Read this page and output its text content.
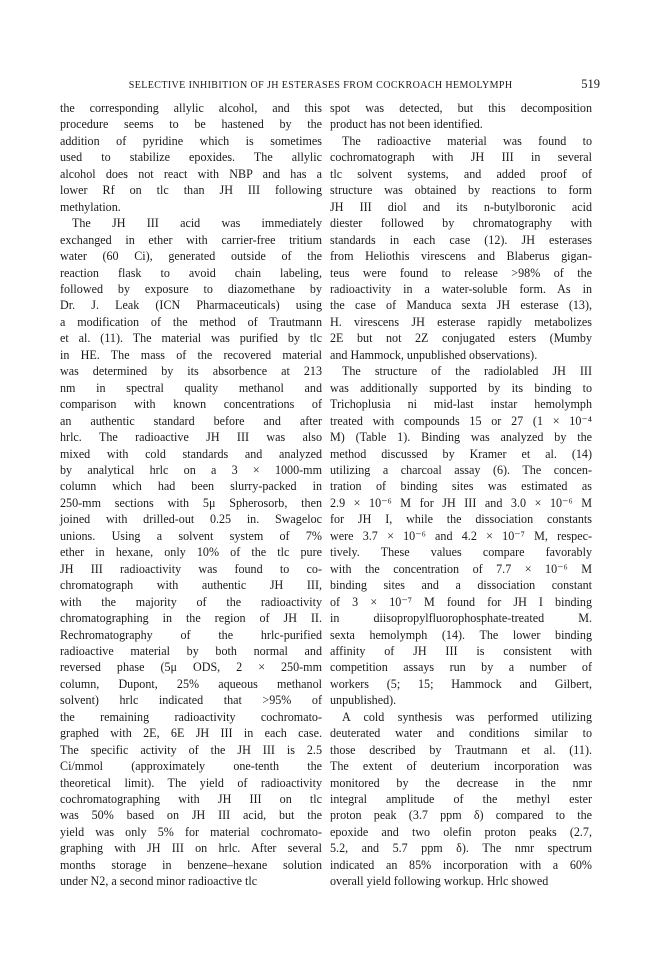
SELECTIVE INHIBITION OF JH ESTERASES FROM COCKROACH HEMOLYMPH	519

the corresponding allylic alcohol, and this

procedure seems to be hastened by the

addition of pyridine which is sometimes

used to stabilize epoxides. The allylic

alcohol does not react with NBP and has a

lower Rf on tlc than JH III following

methylation.

The JH III acid was immediately

exchanged in ether with carrier-free tritium

water (60 Ci), generated outside of the

reaction flask to avoid chain labeling,

followed by exposure to diazomethane by

Dr. J. Leak (ICN Pharmaceuticals) using

a modification of the method of Trautmann

et al. (11). The material was purified by tlc

in HE. The mass of the recovered material

was determined by its absorbence at 213

nm in spectral quality methanol and

comparison with known concentrations of

an authentic standard before and after

hrlc. The radioactive JH III was also

mixed with cold standards and analyzed

by analytical hrlc on a 3 × 1000-mm

column which had been slurry-packed in

250-mm sections with 5μ Spherosorb, then

joined with drilled-out 0.25 in. Swageloc

unions. Using a solvent system of 7%

ether in hexane, only 10% of the tlc pure

JH III radioactivity was found to co-

chromatograph with authentic JH III,

with the majority of the radioactivity

chromatographing in the region of JH II.

Rechromatography of the hrlc-purified

radioactive material by both normal and

reversed phase (5μ ODS, 2 × 250-mm

column, Dupont, 25% aqueous methanol

solvent) hrlc indicated that >95% of

the remaining radioactivity cochromato-

graphed with 2E, 6E JH III in each case.

The specific activity of the JH III is 2.5

Ci/mmol (approximately one-tenth the

theoretical limit). The yield of radioactivity

cochromatographing with JH III on tlc

was 50% based on JH III acid, but the

yield was only 5% for material cochromato-

graphing with JH III on hrlc. After several

months storage in benzene–hexane solution

under N2, a second minor radioactive tlc

spot was detected, but this decomposition

product has not been identified.

The radioactive material was found to

cochromatograph with JH III in several

tlc solvent systems, and added proof of

structure was obtained by reactions to form

JH III diol and its n-butylboronic acid

diester followed by chromatography with

standards in each case (12). JH esterases

from Heliothis virescens and Blaberus gigan-

teus were found to release >98% of the

radioactivity in a water-soluble form. As in

the case of Manduca sexta JH esterase (13),

H. virescens JH esterase rapidly metabolizes

2E but not 2Z conjugated esters (Mumby

and Hammock, unpublished observations).

The structure of the radiolabled JH III

was additionally supported by its binding to

Trichoplusia ni mid-last instar hemolymph

treated with compounds 15 or 27 (1 × 10⁻⁴

M) (Table 1). Binding was analyzed by the

method discussed by Kramer et al. (14)

utilizing a charcoal assay (6). The concen-

tration of binding sites was estimated as

2.9 × 10⁻⁶ M for JH III and 3.0 × 10⁻⁶ M

for JH I, while the dissociation constants

were 3.7 × 10⁻⁶ and 4.2 × 10⁻⁷ M, respec-

tively. These values compare favorably

with the concentration of 7.7 × 10⁻⁶ M

binding sites and a dissociation constant

of 3 × 10⁻⁷ M found for JH I binding

in diisopropylfluorophosphate-treated M.

sexta hemolymph (14). The lower binding

affinity of JH III is consistent with

competition assays run by a number of

workers (5; 15; Hammock and Gilbert,

unpublished).

A cold synthesis was performed utilizing

deuterated water and conditions similar to

those described by Trautmann et al. (11).

The extent of deuterium incorporation was

monitored by the decrease in the nmr

integral amplitude of the methyl ester

proton peak (3.7 ppm δ) compared to the

epoxide and two olefin proton peaks (2.7,

5.2, and 5.7 ppm δ). The nmr spectrum

indicated an 85% incorporation with a 60%

overall yield following workup. Hrlc showed
